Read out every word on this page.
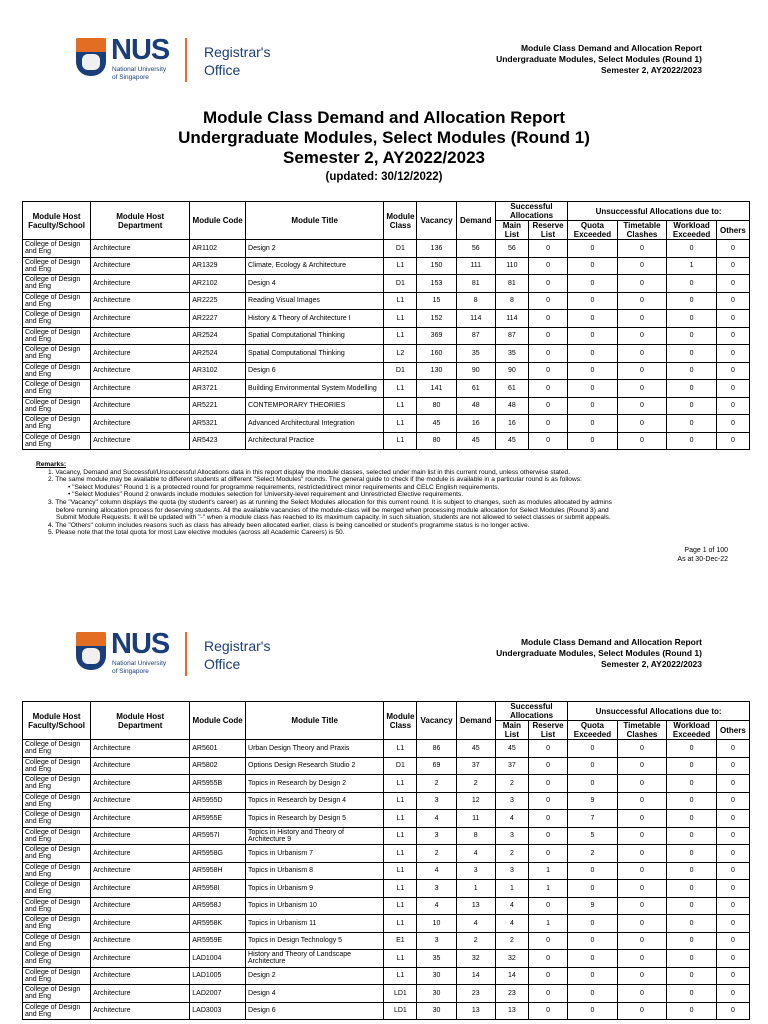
NUS
National University of Singapore
Registrar's Office
Module Class Demand and Allocation Report
Undergraduate Modules, Select Modules (Round 1)
Semester 2, AY2022/2023
Module Class Demand and Allocation Report
Undergraduate Modules, Select Modules (Round 1)
Semester 2, AY2022/2023
(updated: 30/12/2022)
Module Host Faculty/School	Module Host Department	Module Code	Module Title	Module Class	Vacancy	Demand	Successful Allocations		Unsuccessful Allocations due to:			
							Main List	Reserve List	Quota Exceeded	Timetable Clashes	Workload Exceeded	Others
College of Design and Eng	Architecture	AR1102	Design 2	D1	136	56	56	0	0	0	0	0
College of Design and Eng	Architecture	AR1329	Climate, Ecology & Architecture	L1	150	111	110	0	0	0	1	0
College of Design and Eng	Architecture	AR2102	Design 4	D1	153	81	81	0	0	0	0	0
College of Design and Eng	Architecture	AR2225	Reading Visual Images	L1	15	8	8	0	0	0	0	0
College of Design and Eng	Architecture	AR2227	History & Theory of Architecture I	L1	152	114	114	0	0	0	0	0
College of Design and Eng	Architecture	AR2524	Spatial Computational Thinking	L1	369	87	87	0	0	0	0	0
College of Design and Eng	Architecture	AR2524	Spatial Computational Thinking	L2	160	35	35	0	0	0	0	0
College of Design and Eng	Architecture	AR3102	Design 6	D1	130	90	90	0	0	0	0	0
College of Design and Eng	Architecture	AR3721	Building Environmental System Modelling	L1	141	61	61	0	0	0	0	0
College of Design and Eng	Architecture	AR5221	CONTEMPORARY THEORIES	L1	80	48	48	0	0	0	0	0
College of Design and Eng	Architecture	AR5321	Advanced Architectural Integration	L1	45	16	16	0	0	0	0	0
College of Design and Eng	Architecture	AR5423	Architectural Practice	L1	80	45	45	0	0	0	0	0
Remarks:
1. Vacancy, Demand and Successful/Unsuccessful Allocations data in this report display the module classes, selected under main list in this current round, unless otherwise stated.
2. The same module may be available to different students at different "Select Modules" rounds. The general guide to check if the module is available in a particular round is as follows:
• "Select Modules" Round 1 is a protected round for programme requirements, restricted/direct minor requirements and CELC English requirements.
• "Select Modules" Round 2 onwards include modules selection for University-level requirement and Unrestricted Elective requirements.
3. The "Vacancy" column displays the quota (by student's career) as at running the Select Modules allocation for this current round. It is subject to changes, such as modules allocated by admins
before running allocation process for deserving students. All the available vacancies of the module-class will be merged when processing module allocation for Select Modules (Round 3) and
Submit Module Requests. It will be updated with "-" when a module class has reached to its maximum capacity. In such situation, students are not allowed to select classes or submit appeals.
4. The "Others" column includes reasons such as class has already been allocated earlier, class is being cancelled or student's programme status is no longer active.
5. Please note that the total quota for most Law elective modules (across all Academic Careers) is 50.
Page 1 of 100
As at 30-Dec-22
NUS
National University of Singapore
Registrar's Office
Module Class Demand and Allocation Report
Undergraduate Modules, Select Modules (Round 1)
Semester 2, AY2022/2023
Module Host Faculty/School	Module Host Department	Module Code	Module Title	Module Class	Vacancy	Demand	Successful Allocations		Unsuccessful Allocations due to:			
							Main List	Reserve List	Quota Exceeded	Timetable Clashes	Workload Exceeded	Others
College of Design and Eng	Architecture	AR5601	Urban Design Theory and Praxis	L1	86	45	45	0	0	0	0	0
College of Design and Eng	Architecture	AR5802	Options Design Research Studio 2	D1	69	37	37	0	0	0	0	0
College of Design and Eng	Architecture	AR5955B	Topics in Research by Design 2	L1	2	2	2	0	0	0	0	0
College of Design and Eng	Architecture	AR5955D	Topics in Research by Design 4	L1	3	12	3	0	9	0	0	0
College of Design and Eng	Architecture	AR5955E	Topics in Research by Design 5	L1	4	11	4	0	7	0	0	0
College of Design and Eng	Architecture	AR5957I	Topics in History and Theory of Architecture 9	L1	3	8	3	0	5	0	0	0
College of Design and Eng	Architecture	AR5958G	Topics in Urbanism 7	L1	2	4	2	0	2	0	0	0
College of Design and Eng	Architecture	AR5958H	Topics in Urbanism 8	L1	4	3	3	1	0	0	0	0
College of Design and Eng	Architecture	AR5958I	Topics in Urbanism 9	L1	3	1	1	1	0	0	0	0
College of Design and Eng	Architecture	AR5958J	Topics in Urbanism 10	L1	4	13	4	0	9	0	0	0
College of Design and Eng	Architecture	AR5958K	Topics in Urbanism 11	L1	10	4	4	1	0	0	0	0
College of Design and Eng	Architecture	AR5959E	Topics in Design Technology 5	E1	3	2	2	0	0	0	0	0
College of Design and Eng	Architecture	LAD1004	History and Theory of Landscape Architecture	L1	35	32	32	0	0	0	0	0
College of Design and Eng	Architecture	LAD1005	Design 2	L1	30	14	14	0	0	0	0	0
College of Design and Eng	Architecture	LAD2007	Design 4	LD1	30	23	23	0	0	0	0	0
College of Design and Eng	Architecture	LAD3003	Design 6	LD1	30	13	13	0	0	0	0	0
